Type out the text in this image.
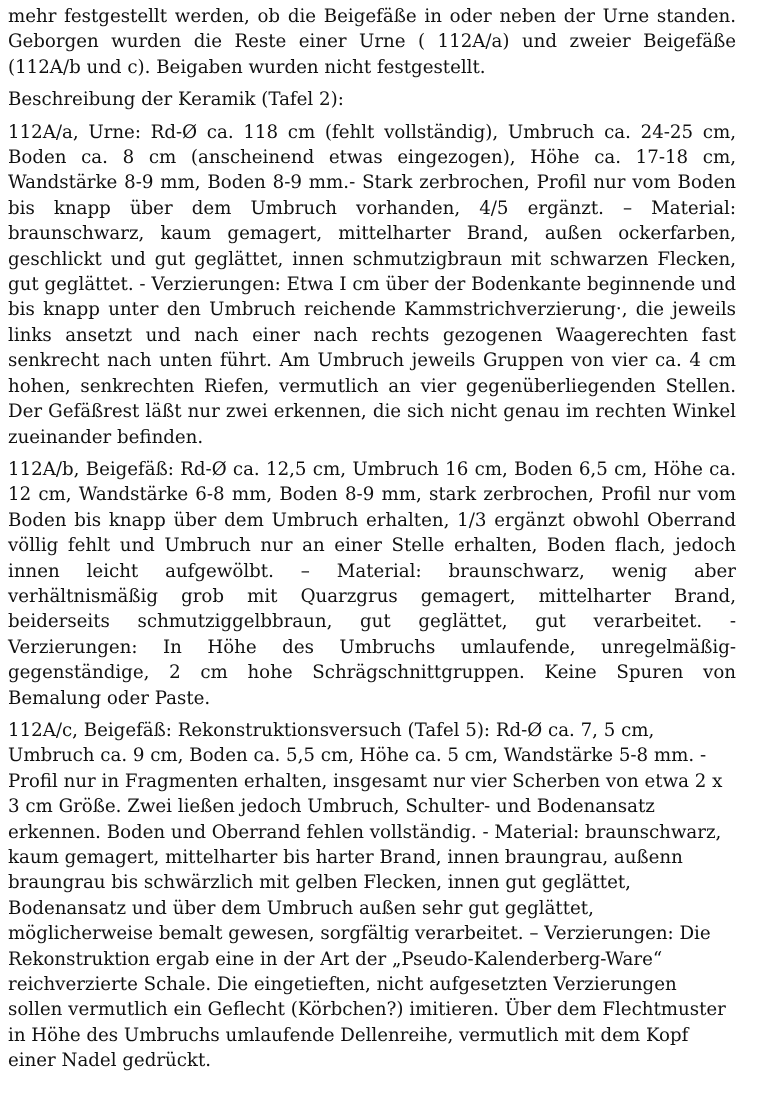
mehr festgestellt werden, ob die Beigefäße in oder neben der Urne standen. Geborgen wurden die Reste einer Urne ( 112A/a) und zweier Beigefäße (112A/b und c). Beigaben wurden nicht festgestellt.

Beschreibung der Keramik (Tafel 2):

112A/a, Urne: Rd-Ø ca. 118 cm (fehlt vollständig), Umbruch ca. 24-25 cm, Boden ca. 8 cm (anscheinend etwas eingezogen), Höhe ca. 17-18 cm, Wandstärke 8-9 mm, Boden 8-9 mm.- Stark zerbrochen, Profil nur vom Boden bis knapp über dem Umbruch vorhanden, 4/5 ergänzt. – Material: braunschwarz, kaum gemagert, mittelharter Brand, außen ockerfarben, geschlickt und gut geglättet, innen schmutzigbraun mit schwarzen Flecken, gut geglättet. - Verzierungen: Etwa I cm über der Bodenkante beginnende und bis knapp unter den Umbruch reichende Kammstrichverzierung·, die jeweils links ansetzt und nach einer nach rechts gezogenen Waagerechten fast senkrecht nach unten führt. Am Umbruch jeweils Gruppen von vier ca. 4 cm hohen, senkrechten Riefen, vermutlich an vier gegenüberliegenden Stellen. Der Gefäßrest läßt nur zwei erkennen, die sich nicht genau im rechten Winkel zueinander befinden.

112A/b, Beigefäß: Rd-Ø ca. 12,5 cm, Umbruch 16 cm, Boden 6,5 cm, Höhe ca. 12 cm, Wandstärke 6-8 mm, Boden 8-9 mm, stark zerbrochen, Profil nur vom Boden bis knapp über dem Umbruch erhalten, 1/3 ergänzt obwohl Oberrand völlig fehlt und Umbruch nur an einer Stelle erhalten, Boden flach, jedoch innen leicht aufgewölbt. – Material: braunschwarz, wenig aber verhältnismäßig grob mit Quarzgrus gemagert, mittelharter Brand, beiderseits schmutziggelbbraun, gut geglättet, gut verarbeitet. - Verzierungen: In Höhe des Umbruchs umlaufende, unregelmäßig-gegenständige, 2 cm hohe Schrägschnittgruppen. Keine Spuren von Bemalung oder Paste.

112A/c, Beigefäß: Rekonstruktionsversuch (Tafel 5): Rd-Ø ca. 7, 5 cm, Umbruch ca. 9 cm, Boden ca. 5,5 cm, Höhe ca. 5 cm, Wandstärke 5-8 mm. - Profil nur in Fragmenten erhalten, insgesamt nur vier Scherben von etwa 2 x 3 cm Größe. Zwei ließen jedoch Umbruch, Schulter- und Bodenansatz erkennen. Boden und Oberrand fehlen vollständig. - Material: braunschwarz, kaum gemagert, mittelharter bis harter Brand, innen braungrau, außenn braungrau bis schwärzlich mit gelben Flecken, innen gut geglättet, Bodenansatz und über dem Umbruch außen sehr gut geglättet, möglicherweise bemalt gewesen, sorgfältig verarbeitet. – Verzierungen: Die Rekonstruktion ergab eine in der Art der „Pseudo-Kalenderberg-Ware“ reichverzierte Schale. Die eingetieften, nicht aufgesetzten Verzierungen sollen vermutlich ein Geflecht (Körbchen?) imitieren. Über dem Flechtmuster in Höhe des Umbruchs umlaufende Dellenreihe, vermutlich mit dem Kopf einer Nadel gedrückt.
